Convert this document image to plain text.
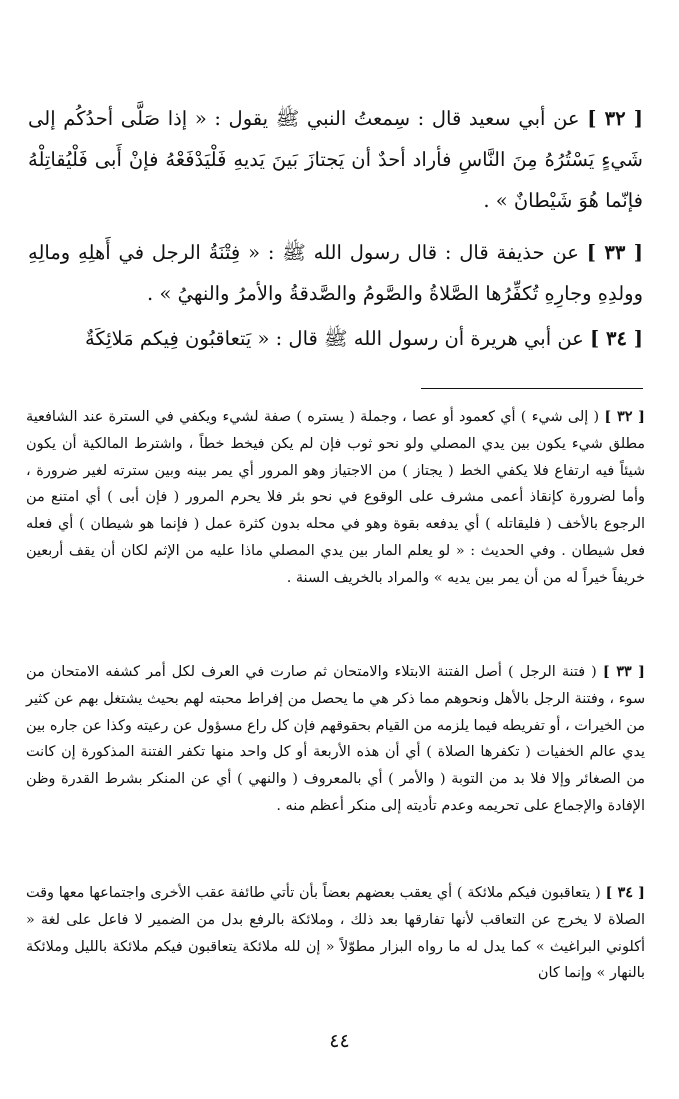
[ ٣٢ ] عن أبي سعيد قال : سِمعتُ النبي ﷺ يقول : « إذا صَلَّى أحدُكُم إلى شَيءٍ يَسْتُرُهُ مِنَ النَّاسِ فأراد أحدٌ أن يَجتازَ بَينَ يَديهِ فَلْيَدْفَعْهُ فإنْ أَبى فَلْيُقاتِلْهُ فإنّما هُوَ شَيْطانٌ » .

[ ٣٣ ] عن حذيفة قال : قال رسول الله ﷺ : « فِتْنَةُ الرجل في أَهلِهِ ومالِهِ وولدِهِ وجارِهِ تُكفِّرُها الصَّلاةُ والصَّومُ والصَّدقةُ والأمرُ والنهيُ » .

[ ٣٤ ] عن أبي هريرة أن رسول الله ﷺ قال : « يَتعاقبُون فِيكم مَلائِكَةٌ

[ ٣٢ ] ( إلى شيء ) أي كعمود أو عصا ، وجملة ( يستره ) صفة لشيء ويكفي في السترة عند الشافعية مطلق شيء يكون بين يدي المصلي ولو نحو ثوب فإن لم يكن فيخط خطاً ، واشترط المالكية أن يكون شيئاً فيه ارتفاع فلا يكفي الخط ( يجتاز ) من الاجتياز وهو المرور أي يمر بينه وبين سترته لغير ضرورة ، وأما لضرورة كإنقاذ أعمى مشرف على الوقوع في نحو بئر فلا يحرم المرور ( فإن أبى ) أي امتنع من الرجوع بالأخف ( فليقاتله ) أي يدفعه بقوة وهو في محله بدون كثرة عمل ( فإنما هو شيطان ) أي فعله فعل شيطان . وفي الحديث : « لو يعلم المار بين يدي المصلي ماذا عليه من الإثم لكان أن يقف أربعين خريفاً خيراً له من أن يمر بين يديه » والمراد بالخريف السنة .

[ ٣٣ ] ( فتنة الرجل ) أصل الفتنة الابتلاء والامتحان ثم صارت في العرف لكل أمر كشفه الامتحان من سوء ، وفتنة الرجل بالأهل ونحوهم مما ذكر هي ما يحصل من إفراط محبته لهم بحيث يشتغل بهم عن كثير من الخيرات ، أو تفريطه فيما يلزمه من القيام بحقوقهم فإن كل راع مسؤول عن رعيته وكذا عن جاره بين يدي عالم الخفيات ( تكفرها الصلاة ) أي أن هذه الأربعة أو كل واحد منها تكفر الفتنة المذكورة إن كانت من الصغائر وإلا فلا بد من التوبة ( والأمر ) أي بالمعروف ( والنهي ) أي عن المنكر بشرط القدرة وظن الإفادة والإجماع على تحريمه وعدم تأديته إلى منكر أعظم منه .

[ ٣٤ ] ( يتعاقبون فيكم ملائكة ) أي يعقب بعضهم بعضاً بأن تأتي طائفة عقب الأخرى واجتماعها معها وقت الصلاة لا يخرج عن التعاقب لأنها تفارقها بعد ذلك ، وملائكة بالرفع بدل من الضمير لا فاعل على لغة « أكلوني البراغيث » كما يدل له ما رواه البزار مطوّلاً « إن لله ملائكة يتعاقبون فيكم ملائكة بالليل وملائكة بالنهار » وإنما كان

٤٤
